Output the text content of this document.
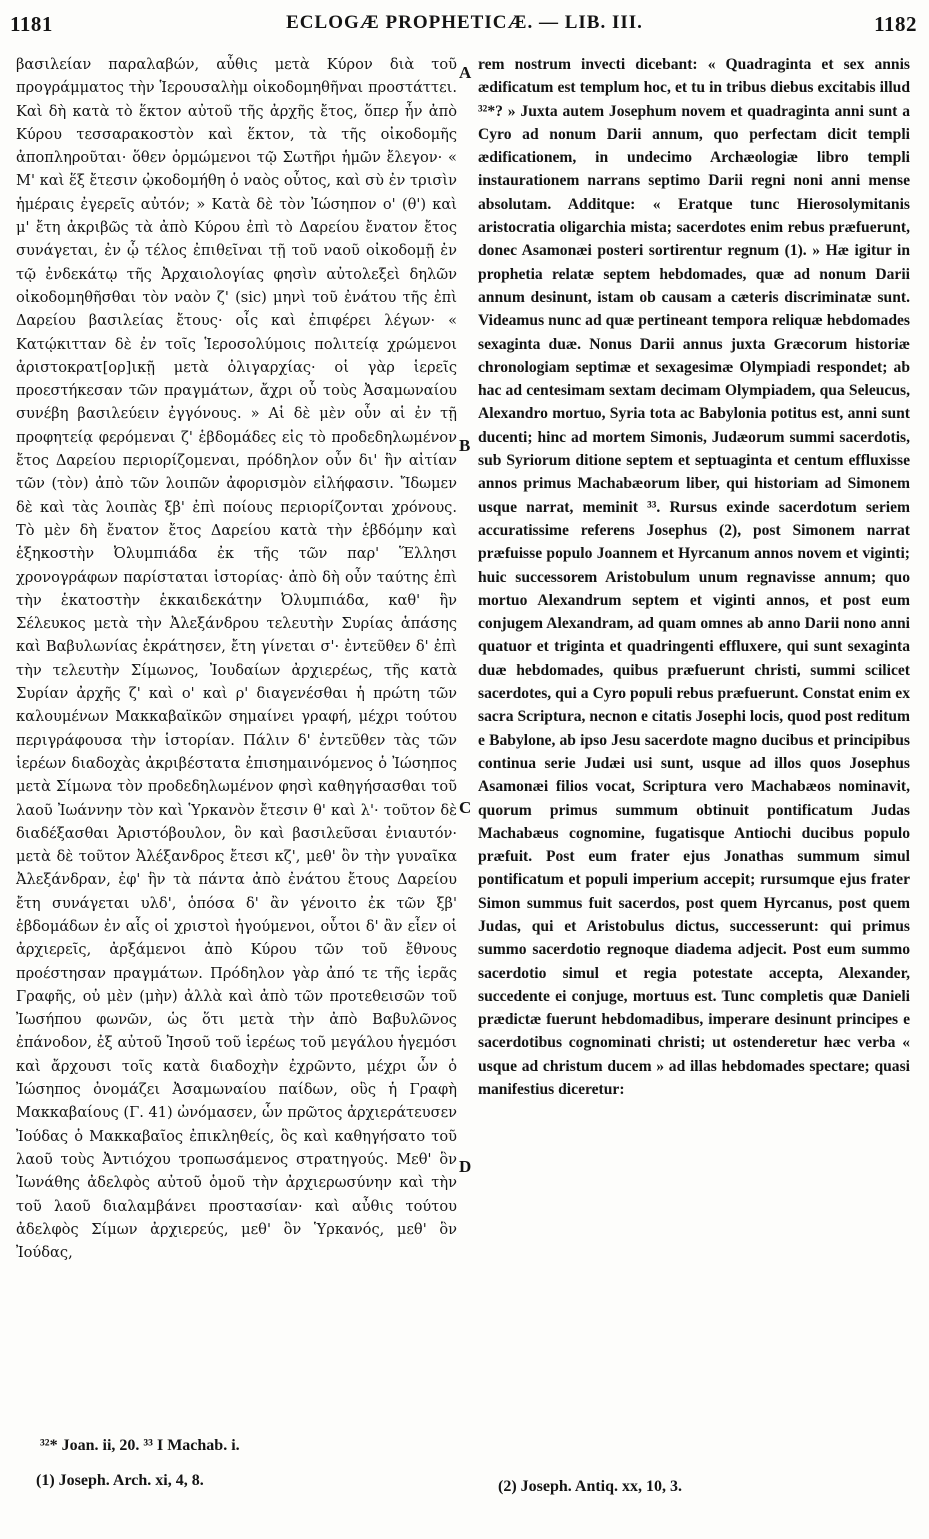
1181	ECLOGÆ PROPHETICÆ. — LIB. III.	1182

βασιλείαν παραλαβών, αὖθις μετὰ Κύρον διὰ τοῦ προγράμματος τὴν Ἱερουσαλὴμ οἰκοδομηθῆναι προστάττει. Καὶ δὴ κατὰ τὸ ἕκτον αὐτοῦ τῆς ἀρχῆς ἔτος, ὅπερ ἦν ἀπὸ Κύρου τεσσαρακοστὸν καὶ ἕκτον, τὰ τῆς οἰκοδομῆς ἀποπληροῦται· ὅθεν ὁρμώμενοι τῷ Σωτῆρι ἡμῶν ἔλεγον· « Μ' καὶ ἕξ ἔτεσιν ᾠκοδομήθη ὁ ναὸς οὗτος, καὶ σὺ ἐν τρισὶν ἡμέραις ἐγερεῖς αὐτόν; » Κατὰ δὲ τὸν Ἰώσηπον ο' (θ') καὶ μ' ἔτη ἀκριβῶς τὰ ἀπὸ Κύρου ἐπὶ τὸ Δαρείου ἔνατον ἔτος συνάγεται, ἐν ᾧ τέλος ἐπιθεῖναι τῇ τοῦ ναοῦ οἰκοδομῇ ἐν τῷ ἐνδεκάτῳ τῆς Ἀρχαιολογίας φησὶν αὐτολεξεὶ δηλῶν οἰκοδομηθῆσθαι τὸν ναὸν ζ' (sic) μηνὶ τοῦ ἐνάτου τῆς ἐπὶ Δαρείου βασιλείας ἔτους· οἷς καὶ ἐπιφέρει λέγων· « Κατῴκιτταν δὲ ἐν τοῖς Ἱεροσολύμοις πολιτείᾳ χρώμενοι ἀριστοκρατ[ορ]ικῇ μετὰ ὀλιγαρχίας· οἱ γὰρ ἱερεῖς προεστήκεσαν τῶν πραγμάτων, ἄχρι οὗ τοὺς Ἀσαμωναίου συνέβη βασιλεύειν ἐγγόνους. » Αἱ δὲ μὲν οὖν αἱ ἐν τῇ προφητείᾳ φερόμεναι ζ' ἑβδομάδες εἰς τὸ προδεδηλωμένον ἔτος Δαρείου περιορίζομεναι, πρόδηλον οὖν δι' ἣν αἰτίαν τῶν (τὸν) ἀπὸ τῶν λοιπῶν ἀφορισμὸν εἰλήφασιν. Ἴδωμεν δὲ καὶ τὰς λοιπὰς ξβ' ἐπὶ ποίους περιορίζονται χρόνους. Τὸ μὲν δὴ ἔνατον ἔτος Δαρείου κατὰ τὴν ἑβδόμην καὶ ἑξηκοστὴν Ὀλυμπιάδα ἐκ τῆς τῶν παρ' Ἕλλησι χρονογράφων παρίσταται ἱστορίας· ἀπὸ δὴ οὖν ταύτης ἐπὶ τὴν ἑκατοστὴν ἑκκαιδεκάτην Ὀλυμπιάδα, καθ' ἣν Σέλευκος μετὰ τὴν Ἀλεξάνδρου τελευτὴν Συρίας ἁπάσης καὶ Βαβυλωνίας ἐκράτησεν, ἔτη γίνεται σ'· ἐντεῦθεν δ' ἐπὶ τὴν τελευτὴν Σίμωνος, Ἰουδαίων ἀρχιερέως, τῆς κατὰ Συρίαν ἀρχῆς ζ' καὶ ο' καὶ ρ' διαγενέσθαι ἡ πρώτη τῶν καλουμένων Μακκαβαϊκῶν σημαίνει γραφή, μέχρι τούτου περιγράφουσα τὴν ἱστορίαν. Πάλιν δ' ἐντεῦθεν τὰς τῶν ἱερέων διαδοχὰς ἀκριβέστατα ἐπισημαινόμενος ὁ Ἰώσηπος μετὰ Σίμωνα τὸν προδεδηλωμένον φησὶ καθηγήσασθαι τοῦ λαοῦ Ἰωάννην τὸν καὶ Ὑρκανὸν ἔτεσιν θ' καὶ λ'· τοῦτον δὲ διαδέξασθαι Ἀριστόβουλον, ὃν καὶ βασιλεῦσαι ἐνιαυτόν· μετὰ δὲ τοῦτον Ἀλέξανδρος ἔτεσι κζ', μεθ' ὃν τὴν γυναῖκα Ἀλεξάνδραν, ἐφ' ἣν τὰ πάντα ἀπὸ ἐνάτου ἔτους Δαρείου ἔτη συνάγεται υλδ', ὁπόσα δ' ἂν γένοιτο ἐκ τῶν ξβ' ἑβδομάδων ἐν αἷς οἱ χριστοὶ ἡγούμενοι, οὗτοι δ' ἂν εἶεν οἱ ἀρχιερεῖς, ἀρξάμενοι ἀπὸ Κύρου τῶν τοῦ ἔθνους προέστησαν πραγμάτων. Πρόδηλον γὰρ ἀπό τε τῆς ἱερᾶς Γραφῆς, οὐ μὲν (μὴν) ἀλλὰ καὶ ἀπὸ τῶν προτεθεισῶν τοῦ Ἰωσήπου φωνῶν, ὡς ὅτι μετὰ τὴν ἀπὸ Βαβυλῶνος ἐπάνοδον, ἐξ αὐτοῦ Ἰησοῦ τοῦ ἱερέως τοῦ μεγάλου ἡγεμόσι καὶ ἄρχουσι τοῖς κατὰ διαδοχὴν ἐχρῶντο, μέχρι ὧν ὁ Ἰώσηπος ὀνομάζει Ἀσαμωναίου παίδων, οὓς ἡ Γραφὴ Μακκαβαίους (Γ. 41) ὠνόμασεν, ὧν πρῶτος ἀρχιεράτευσεν Ἰούδας ὁ Μακκαβαῖος ἐπικληθείς, ὃς καὶ καθηγήσατο τοῦ λαοῦ τοὺς Ἀντιόχου τροπωσάμενος στρατηγούς. Μεθ' ὃν Ἰωνάθης ἀδελφὸς αὐτοῦ ὁμοῦ τὴν ἀρχιερωσύνην καὶ τὴν τοῦ λαοῦ διαλαμβάνει προστασίαν· καὶ αὖθις τούτου ἀδελφὸς Σίμων ἀρχιερεύς, μεθ' ὃν Ὑρκανός, μεθ' ὃν Ἰούδας,

A
B
C
D

rem nostrum invecti dicebant: « Quadraginta et sex annis ædificatum est templum hoc, et tu in tribus diebus excitabis illud ³²*? » Juxta autem Josephum novem et quadraginta anni sunt a Cyro ad nonum Darii annum, quo perfectam dicit templi ædificationem, in undecimo Archæologiæ libro templi instaurationem narrans septimo Darii regni noni anni mense absolutam. Additque: « Eratque tunc Hierosolymitanis aristocratia oligarchia mista; sacerdotes enim rebus præfuerunt, donec Asamonæi posteri sortirentur regnum (1). » Hæ igitur in prophetia relatæ septem hebdomades, quæ ad nonum Darii annum desinunt, istam ob causam a cæteris discriminatæ sunt. Videamus nunc ad quæ pertineant tempora reliquæ hebdomades sexaginta duæ. Nonus Darii annus juxta Græcorum historiæ chronologiam septimæ et sexagesimæ Olympiadi respondet; ab hac ad centesimam sextam decimam Olympiadem, qua Seleucus, Alexandro mortuo, Syria tota ac Babylonia potitus est, anni sunt ducenti; hinc ad mortem Simonis, Judæorum summi sacerdotis, sub Syriorum ditione septem et septuaginta et centum effluxisse annos primus Machabæorum liber, qui historiam ad Simonem usque narrat, meminit ³³. Rursus exinde sacerdotum seriem accuratissime referens Josephus (2), post Simonem narrat præfuisse populo Joannem et Hyrcanum annos novem et viginti; huic successorem Aristobulum unum regnavisse annum; quo mortuo Alexandrum septem et viginti annos, et post eum conjugem Alexandram, ad quam omnes ab anno Darii nono anni quatuor et triginta et quadringenti effluxere, qui sunt sexaginta duæ hebdomades, quibus præfuerunt christi, summi scilicet sacerdotes, qui a Cyro populi rebus præfuerunt. Constat enim ex sacra Scriptura, necnon e citatis Josephi locis, quod post reditum e Babylone, ab ipso Jesu sacerdote magno ducibus et principibus continua serie Judæi usi sunt, usque ad illos quos Josephus Asamonæi filios vocat, Scriptura vero Machabæos nominavit, quorum primus summum obtinuit pontificatum Judas Machabæus cognomine, fugatisque Antiochi ducibus populo præfuit. Post eum frater ejus Jonathas summum simul pontificatum et populi imperium accepit; rursumque ejus frater Simon summus fuit sacerdos, post quem Hyrcanus, post quem Judas, qui et Aristobulus dictus, successerunt: qui primus summo sacerdotio regnoque diadema adjecit. Post eum summo sacerdotio simul et regia potestate accepta, Alexander, succedente ei conjuge, mortuus est. Tunc completis quæ Danieli prædictæ fuerunt hebdomadibus, imperare desinunt principes e sacerdotibus cognominati christi; ut ostenderetur hæc verba « usque ad christum ducem » ad illas hebdomades spectare; quasi manifestius diceretur:

³²* Joan. ii, 20. ³³ I Machab. i.
(1) Joseph. Arch. xi, 4, 8.	(2) Joseph. Antiq. xx, 10, 3.
